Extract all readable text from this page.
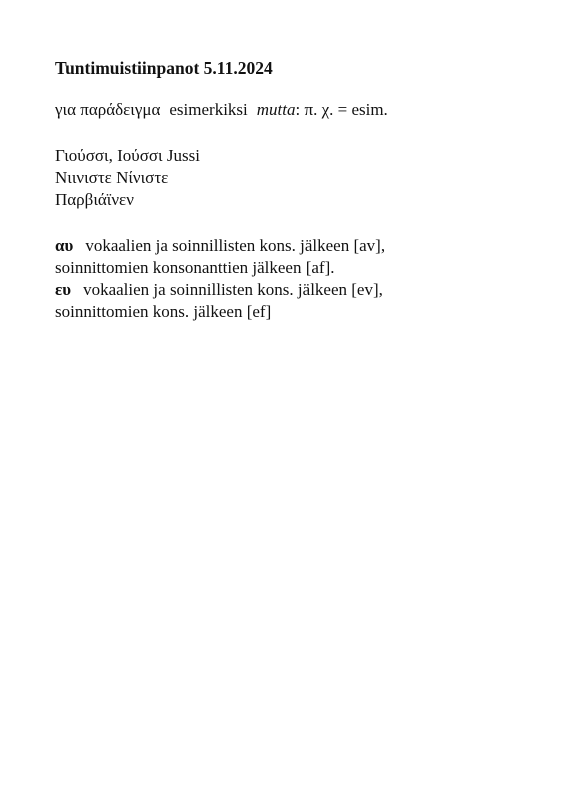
Tuntimuistiinpanot 5.11.2024
για παράδειγμα esimerkiksi mutta: π. χ. = esim.
Γιούσσι, Ιούσσι Jussi
Νιινιστε Νίνιστε
Παρβιάϊνεν
αυ vokaalien ja soinnillisten kons. jälkeen [av],
soinnittomien konsonanttien jälkeen [af].
ευ vokaalien ja soinnillisten kons. jälkeen [ev],
soinnittomien kons. jälkeen [ef]
